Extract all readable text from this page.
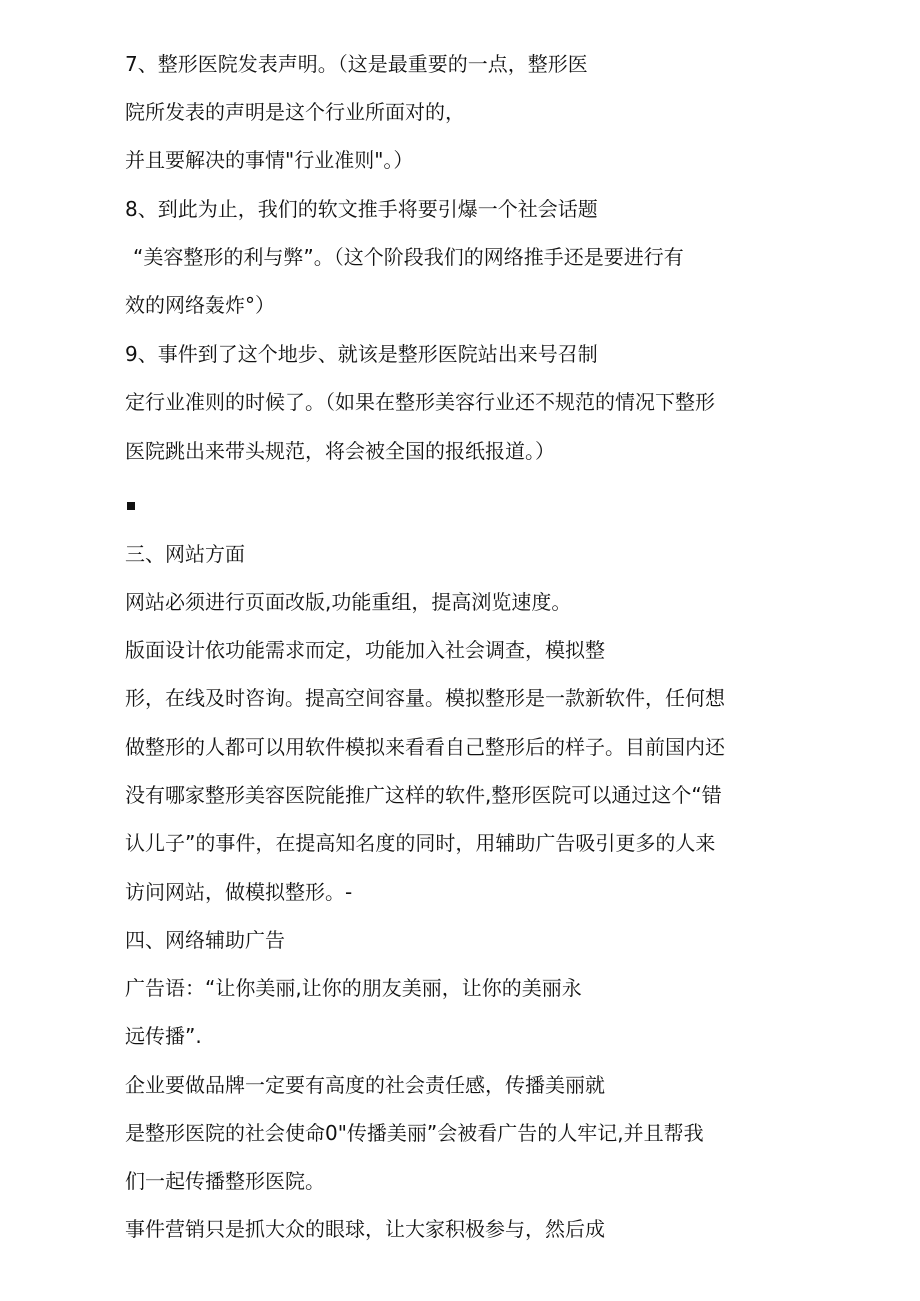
7、整形医院发表声明。（这是最重要的一点，整形医
院所发表的声明是这个行业所面对的，
并且要解决的事情"行业准则"。）
8、到此为止，我们的软文推手将要引爆一个社会话题
“美容整形的利与弊”。（这个阶段我们的网络推手还是要进行有
效的网络轰炸°）
9、事件到了这个地步、就该是整形医院站出来号召制
定行业准则的时候了。（如果在整形美容行业还不规范的情况下整形
医院跳出来带头规范，将会被全国的报纸报道。）
三、网站方面
网站必须进行页面改版,功能重组，提高浏览速度。
版面设计依功能需求而定，功能加入社会调查，模拟整
形，在线及时咨询。提高空间容量。模拟整形是一款新软件，任何想
做整形的人都可以用软件模拟来看看自己整形后的样子。目前国内还
没有哪家整形美容医院能推广这样的软件,整形医院可以通过这个“错
认儿子”的事件，在提高知名度的同时，用辅助广告吸引更多的人来
访问网站，做模拟整形。-
四、网络辅助广告
广告语：“让你美丽,让你的朋友美丽，让你的美丽永
远传播”.
企业要做品牌一定要有高度的社会责任感，传播美丽就
是整形医院的社会使命0"传播美丽”会被看广告的人牢记,并且帮我
们一起传播整形医院。
事件营销只是抓大众的眼球，让大家积极参与，然后成
